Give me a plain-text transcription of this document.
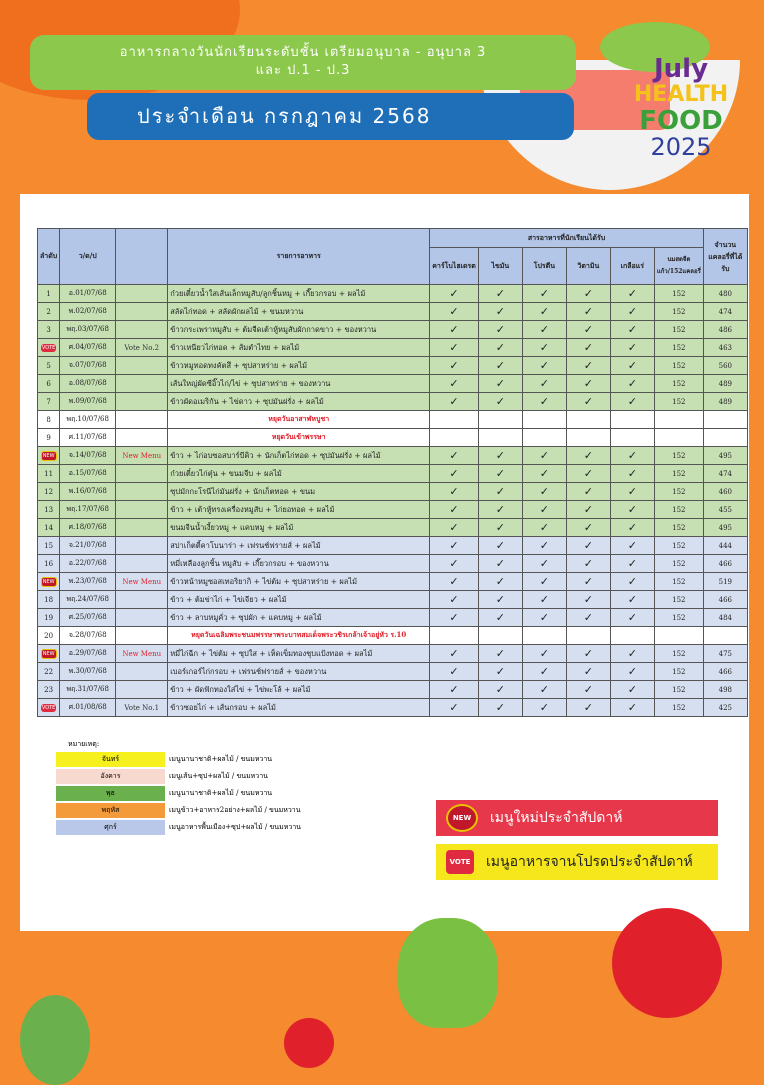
อาหารกลางวันนักเรียนระดับชั้น เตรียมอนุบาล - อนุบาล 3
และ ป.1 - ป.3
ประจำเดือน กรกฎาคม 2568
July
HEALTH
FOOD
2025
ลำดับ	ว/ด/ป		รายการอาหาร	สารอาหารที่นักเรียนได้รับ						จำนวนแคลอรี่ที่ได้รับ
				คาร์โบไฮเดรต	ไขมัน	โปรตีน	วิตามิน	เกลือแร่	นมสดจืดแก้ว/152แคลอรี่	
1	อ.01/07/68		ก๋วยเตี๋ยวน้ำใสเส้นเล็กหมูสับ/ลูกชิ้นหมู + เกี๊ยวกรอบ + ผลไม้	✓	✓	✓	✓	✓	152	480
2	พ.02/07/68		สลัดไก่ทอด + สลัดผักผลไม้ + ขนมหวาน	✓	✓	✓	✓	✓	152	474
3	พฤ.03/07/68		ข้าวกระเพราหมูสับ + ต้มจืดเต้าหู้หมูสับผักกาดขาว + ของหวาน	✓	✓	✓	✓	✓	152	486
VOTE	ศ.04/07/68	Vote No.2	ข้าวเหนียวไก่ทอด + ส้มตำไทย + ผลไม้	✓	✓	✓	✓	✓	152	463
5	จ.07/07/68		ข้าวหมูทอดทงคัตสึ + ซุปสาหร่าย + ผลไม้	✓	✓	✓	✓	✓	152	560
6	อ.08/07/68		เส้นใหญ่ผัดซีอิ๊วไก่/ไข่ + ซุปสาหร่าย + ของหวาน	✓	✓	✓	✓	✓	152	489
7	พ.09/07/68		ข้าวผัดอเมริกัน + ไข่ดาว + ซุปมันฝรั่ง + ผลไม้	✓	✓	✓	✓	✓	152	489
8	พฤ.10/07/68		หยุดวันอาสาฬหบูชา							
9	ศ.11/07/68		หยุดวันเข้าพรรษา							
NEW	จ.14/07/68	New Menu	ข้าว + ไก่อบซอสบาร์บีคิว + นักเก็ตไก่ทอด + ซุปมันฝรั่ง + ผลไม้	✓	✓	✓	✓	✓	152	495
11	อ.15/07/68		ก๋วยเตี๋ยวไก่ตุ๋น + ขนมจีบ + ผลไม้	✓	✓	✓	✓	✓	152	474
12	พ.16/07/68		ซุปมักกะโรนีไก่มันฝรั่ง + นักเก็ตทอด + ขนม	✓	✓	✓	✓	✓	152	460
13	พฤ.17/07/68		ข้าว + เต้าหู้ทรงเครื่องหมูสับ + ไก่ยอทอด + ผลไม้	✓	✓	✓	✓	✓	152	455
14	ศ.18/07/68		ขนมจีนน้ำเงี้ยวหมู + แคบหมู + ผลไม้	✓	✓	✓	✓	✓	152	495
15	จ.21/07/68		สปาเก็ตตี้คาโบนาร่า + เฟรนช์ฟรายส์ + ผลไม้	✓	✓	✓	✓	✓	152	444
16	อ.22/07/68		หมี่เหลืองลูกชิ้น หมูสับ + เกี๊ยวกรอบ + ของหวาน	✓	✓	✓	✓	✓	152	466
NEW	พ.23/07/68	New Menu	ข้าวหน้าหมูซอสเทอริยากิ + ไข่ต้ม + ซุปสาหร่าย + ผลไม้	✓	✓	✓	✓	✓	152	519
18	พฤ.24/07/68		ข้าว + ต้มข่าไก่ + ไข่เจียว + ผลไม้	✓	✓	✓	✓	✓	152	466
19	ศ.25/07/68		ข้าว + ลาบหมูคั่ว + ซุปผัก + แคบหมู + ผลไม้	✓	✓	✓	✓	✓	152	484
20	จ.28/07/68		หยุดวันเฉลิมพระชนมพรรษาพระบาทสมเด็จพระวชิรเกล้าเจ้าอยู่หัว ร.10							
NEW	อ.29/07/68	New Menu	หมี่ไก่ฉีก + ไข่ต้ม + ซุปใส + เห็ดเข็มทองชุบแป้งทอด + ผลไม้	✓	✓	✓	✓	✓	152	475
22	พ.30/07/68		เบอร์เกอร์ไก่กรอบ + เฟรนช์ฟรายส์ + ของหวาน	✓	✓	✓	✓	✓	152	466
23	พฤ.31/07/68		ข้าว + ผัดฟักทองใส่ไข่ + ไข่พะโล้ + ผลไม้	✓	✓	✓	✓	✓	152	498
VOTE	ศ.01/08/68	Vote No.1	ข้าวซอยไก่ + เส้นกรอบ + ผลไม้	✓	✓	✓	✓	✓	152	425
หมายเหตุ:
จันทร์	เมนูนานาชาติ+ผลไม้ / ขนมหวาน
อังคาร	เมนูเส้น+ซุป+ผลไม้ / ขนมหวาน
พุธ	เมนูนานาชาติ+ผลไม้ / ขนมหวาน
พฤหัส	เมนูข้าว+อาหาร2อย่าง+ผลไม้ / ขนมหวาน
ศุกร์	เมนูอาหารพื้นเมือง+ซุป+ผลไม้ / ขนมหวาน
NEW	เมนูใหม่ประจำสัปดาห์
VOTE เมนูอาหารจานโปรดประจำสัปดาห์
